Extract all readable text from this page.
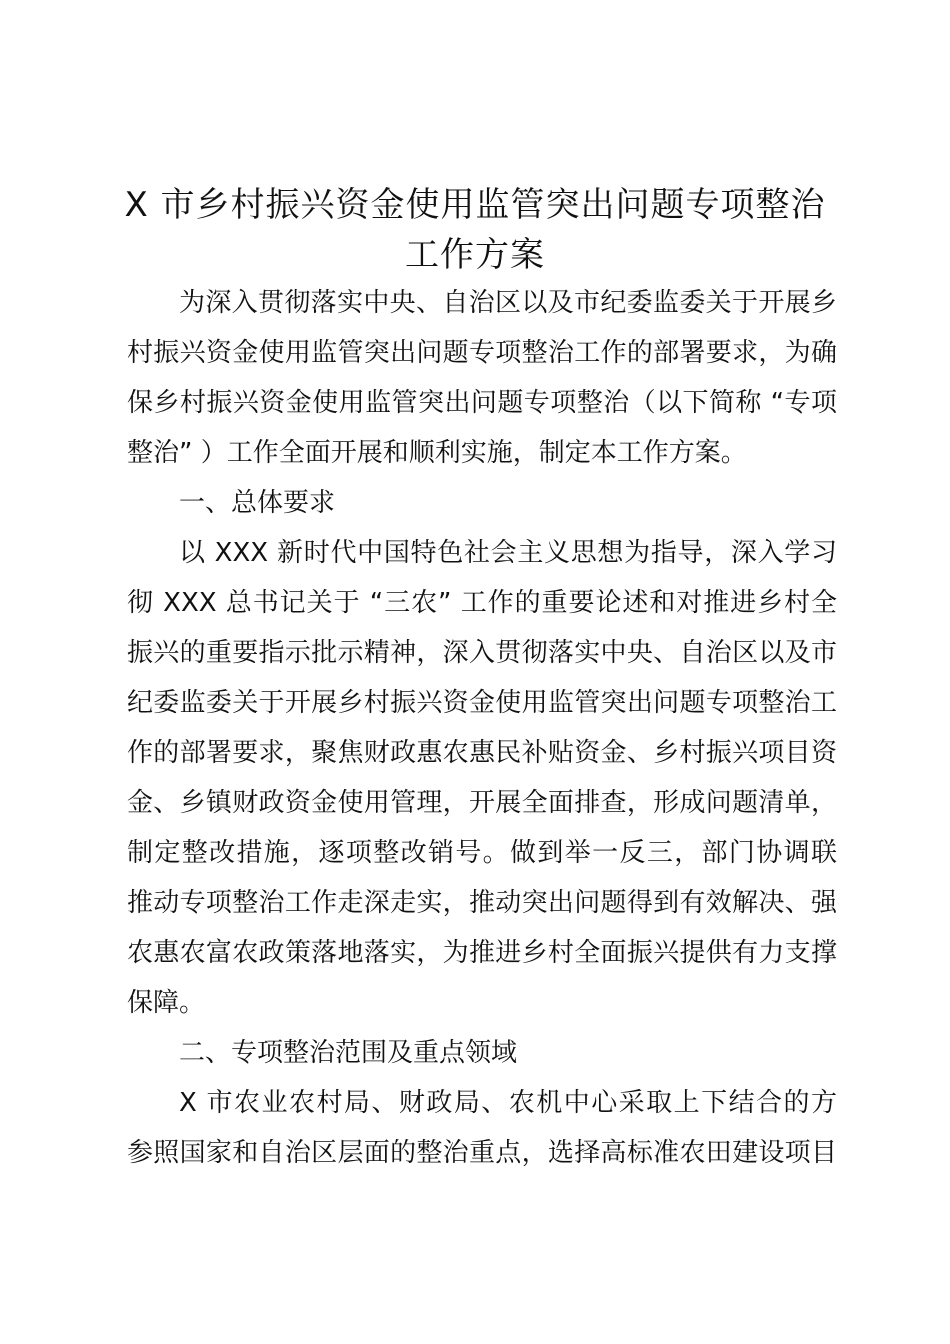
X 市乡村振兴资金使用监管突出问题专项整治
工作方案
为深入贯彻落实中央、自治区以及市纪委监委关于开展乡
村振兴资金使用监管突出问题专项整治工作的部署要求，为确
保乡村振兴资金使用监管突出问题专项整治（以下简称 “专项
整治” ）工作全面开展和顺利实施，制定本工作方案。
一、总体要求
以 XXX 新时代中国特色社会主义思想为指导，深入学习
彻 XXX 总书记关于 “三农” 工作的重要论述和对推进乡村全
振兴的重要指示批示精神，深入贯彻落实中央、自治区以及市
纪委监委关于开展乡村振兴资金使用监管突出问题专项整治工
作的部署要求，聚焦财政惠农惠民补贴资金、乡村振兴项目资
金、乡镇财政资金使用管理，开展全面排查，形成问题清单，
制定整改措施，逐项整改销号。做到举一反三，部门协调联
推动专项整治工作走深走实，推动突出问题得到有效解决、强
农惠农富农政策落地落实，为推进乡村全面振兴提供有力支撑
保障。
二、专项整治范围及重点领域
X 市农业农村局、财政局、农机中心采取上下结合的方
参照国家和自治区层面的整治重点，选择高标准农田建设项目
